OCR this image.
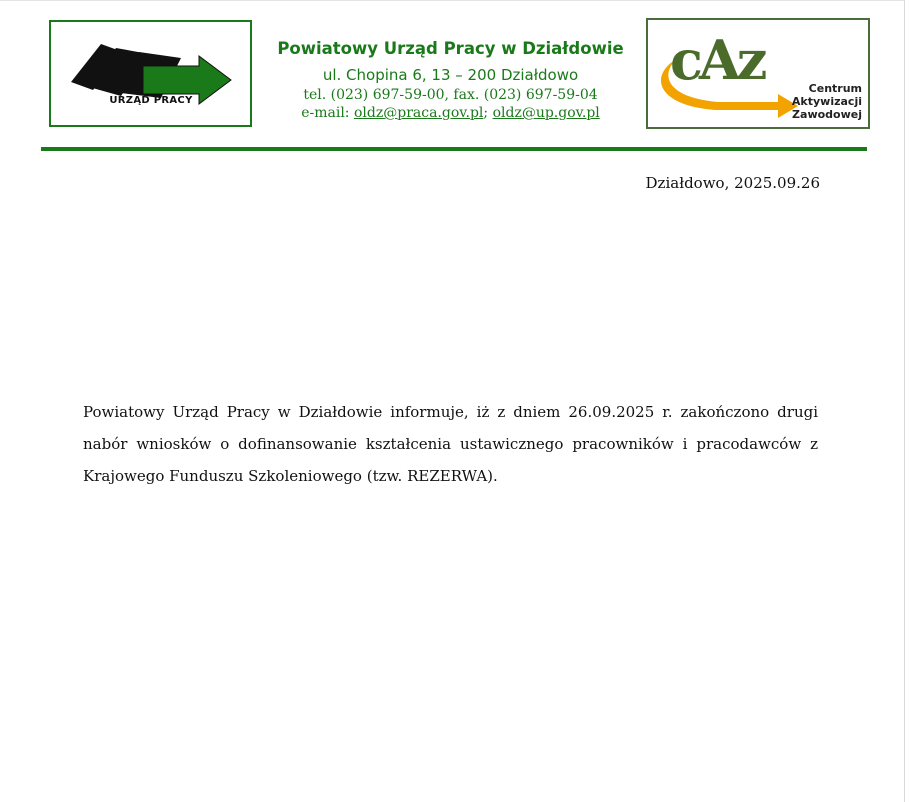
URZĄD PRACY
Powiatowy Urząd Pracy w Działdowie
ul. Chopina 6, 13 – 200 Działdowo
tel. (023) 697-59-00, fax. (023) 697-59-04
e-mail: oldz@praca.gov.pl; oldz@up.gov.pl
cAz	Centrum
Aktywizacji
Zawodowej
Działdowo, 2025.09.26
Powiatowy Urząd Pracy w Działdowie informuje, iż z dniem 26.09.2025 r. zakończono drugi nabór wniosków o dofinansowanie kształcenia ustawicznego pracowników i pracodawców z Krajowego Funduszu Szkoleniowego (tzw. REZERWA).
